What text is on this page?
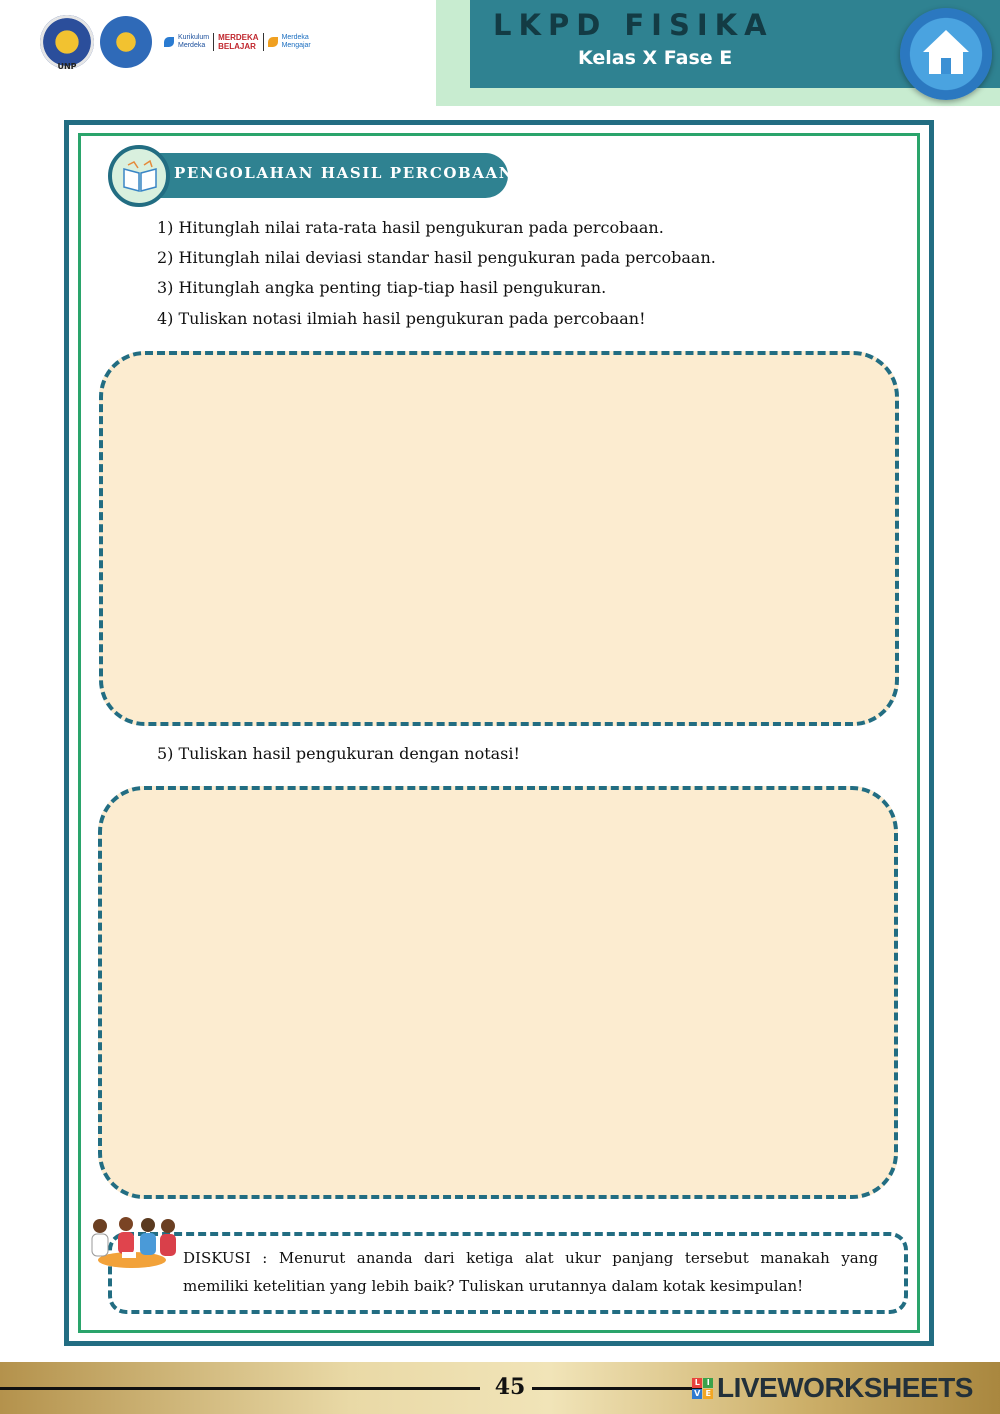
UNP
Kurikulum
Merdeka
MERDEKA
BELAJAR
Merdeka
Mengajar
LKPD FISIKA
Kelas X Fase E
PENGOLAHAN HASIL PERCOBAAN
1) Hitunglah nilai rata-rata hasil pengukuran pada percobaan.
2) Hitunglah nilai deviasi standar hasil pengukuran pada percobaan.
3) Hitunglah angka penting tiap-tiap hasil pengukuran.
4) Tuliskan notasi ilmiah hasil pengukuran pada percobaan!
5) Tuliskan hasil pengukuran dengan notasi!
DISKUSI : Menurut ananda dari ketiga alat ukur panjang tersebut manakah yang
memiliki ketelitian yang lebih baik? Tuliskan urutannya dalam kotak kesimpulan!
45	L I
V E LIVEWORKSHEETS
